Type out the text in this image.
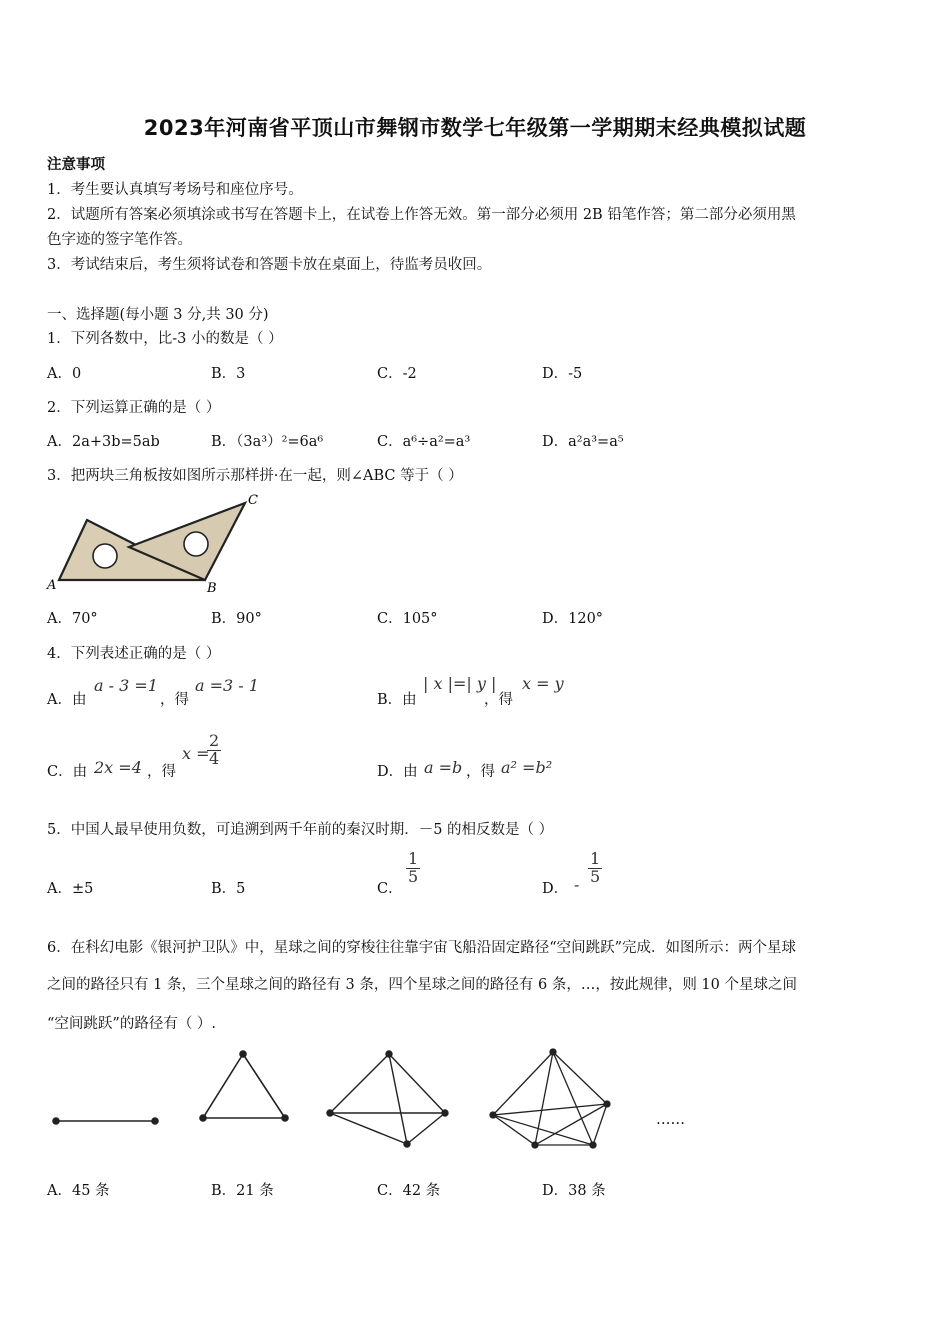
2023年河南省平顶山市舞钢市数学七年级第一学期期末经典模拟试题
注意事项
1．考生要认真填写考场号和座位序号。
2．试题所有答案必须填涂或书写在答题卡上，在试卷上作答无效。第一部分必须用 2B 铅笔作答；第二部分必须用黑
色字迹的签字笔作答。
3．考试结束后，考生须将试卷和答题卡放在桌面上，待监考员收回。
一、选择题(每小题 3 分,共 30 分)
1．下列各数中，比-3 小的数是（ ）
A．0	B．3	C．-2	D．-5
2．下列运算正确的是（ ）
A．2a+3b=5ab	B．（3a³）²=6a⁶	C．a⁶÷a²=a³	D．a²a³=a⁵
3．把两块三角板按如图所示那样拼·在一起，则∠ABC 等于（ ）
A	B
C
A．70°	B．90°	C．105°	D．120°
4．下列表述正确的是（ ）
A．由
a - 3 =1
，得
a =3 - 1
B．由
| x |=| y |
，得
x = y
C．由 2x =4 ，得
x =
$\frac{2}{4}$
D．由 a =b ，得 a² =b²
5．中国人最早使用负数，可追溯到两千年前的秦汉时期．－5 的相反数是（ ）
A．±5	B．5	C．
$\frac{1}{5}$
D． - $\frac{1}{5}$
6．在科幻电影《银河护卫队》中，星球之间的穿梭往往靠宇宙飞船沿固定路径“空间跳跃”完成．如图所示：两个星球
之间的路径只有 1 条，三个星球之间的路径有 3 条，四个星球之间的路径有 6 条，…，按此规律，则 10 个星球之间
“空间跳跃”的路径有（ ）.
……
A．45 条	B．21 条	C．42 条	D．38 条
